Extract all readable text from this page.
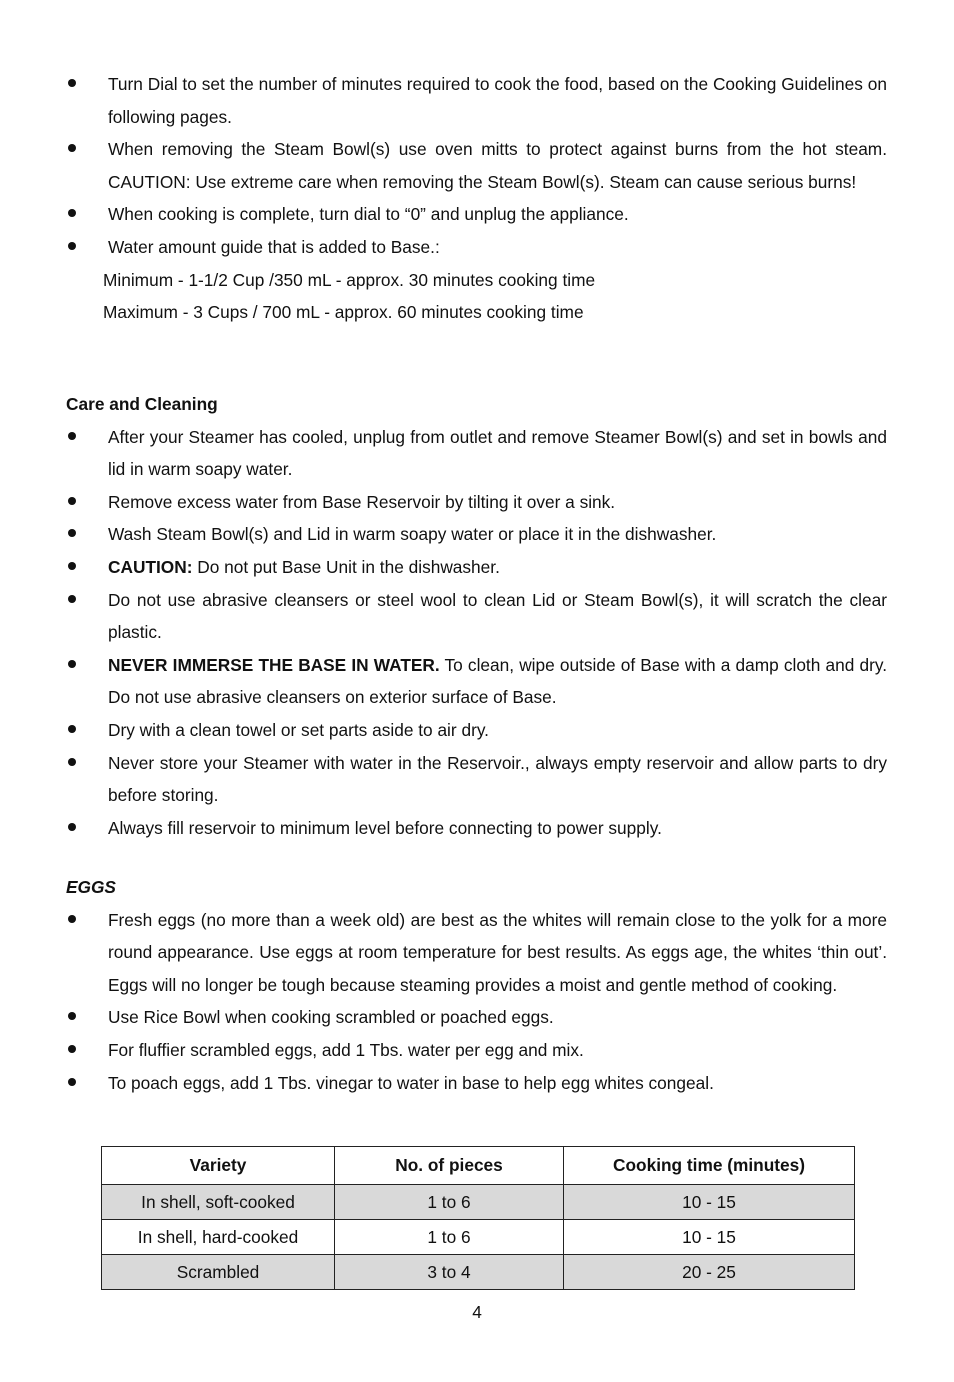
Turn Dial to set the number of minutes required to cook the food, based on the Cooking Guidelines on following pages.
When removing the Steam Bowl(s) use oven mitts to protect against burns from the hot steam. CAUTION: Use extreme care when removing the Steam Bowl(s). Steam can cause serious burns!
When cooking is complete, turn dial to “0” and unplug the appliance.
Water amount guide that is added to Base.:
Minimum - 1-1/2 Cup /350 mL - approx. 30 minutes cooking time
Maximum - 3 Cups / 700 mL - approx. 60 minutes cooking time
Care and Cleaning
After your Steamer has cooled, unplug from outlet and remove Steamer Bowl(s) and set in bowls and lid in warm soapy water.
Remove excess water from Base Reservoir by tilting it over a sink.
Wash Steam Bowl(s) and Lid in warm soapy water or place it in the dishwasher.
CAUTION: Do not put Base Unit in the dishwasher.
Do not use abrasive cleansers or steel wool to clean Lid or Steam Bowl(s), it will scratch the clear plastic.
NEVER IMMERSE THE BASE IN WATER. To clean, wipe outside of Base with a damp cloth and dry. Do not use abrasive cleansers on exterior surface of Base.
Dry with a clean towel or set parts aside to air dry.
Never store your Steamer with water in the Reservoir., always empty reservoir and allow parts to dry before storing.
Always fill reservoir to minimum level before connecting to power supply.
EGGS
Fresh eggs (no more than a week old) are best as the whites will remain close to the yolk for a more round appearance. Use eggs at room temperature for best results. As eggs age, the whites ‘thin out’. Eggs will no longer be tough because steaming provides a moist and gentle method of cooking.
Use Rice Bowl when cooking scrambled or poached eggs.
For fluffier scrambled eggs, add 1 Tbs. water per egg and mix.
To poach eggs, add 1 Tbs. vinegar to water in base to help egg whites congeal.
Variety	No. of pieces	Cooking time (minutes)
In shell, soft-cooked	1 to 6	10 - 15
In shell, hard-cooked	1 to 6	10 - 15
Scrambled	3 to 4	20 - 25
4
